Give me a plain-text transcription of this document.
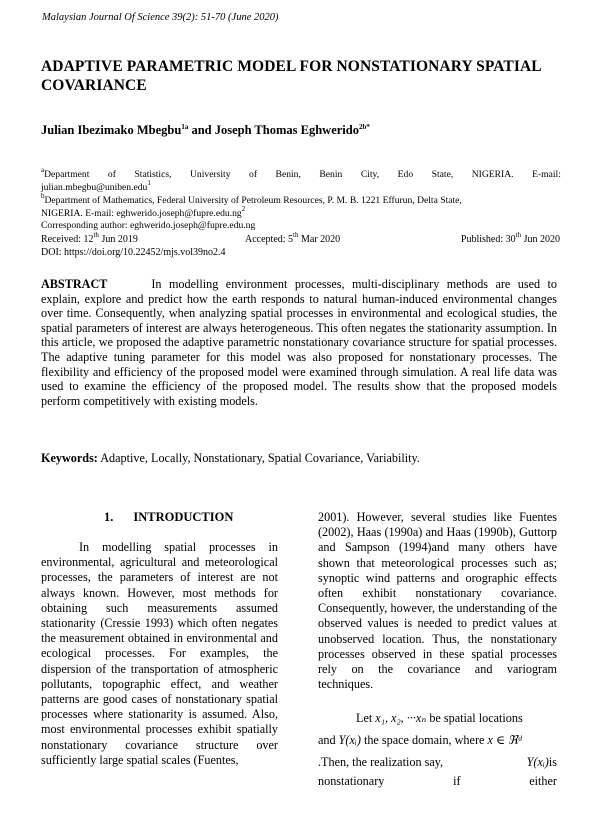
Malaysian Journal Of Science 39(2): 51-70 (June 2020)
ADAPTIVE PARAMETRIC MODEL FOR NONSTATIONARY SPATIAL COVARIANCE
Julian Ibezimako Mbegbu$^{1a}$ and Joseph Thomas Eghwerido$^{2b*}$
$^a$Department of Statistics, University of Benin, Benin City, Edo State, NIGERIA. E-mail:
julian.mbegbu@uniben.edu$^1$
$^b$Department of Mathematics, Federal University of Petroleum Resources, P. M. B. 1221 Effurun, Delta State,
NIGERIA. E-mail: $eghwerido.joseph@fupre.edu.ng^2$
Corresponding author: eghwerido.joseph@fupre.edu.ng
Received: 12th Jun 2019	Accepted: 5th Mar 2020	Published: 30th Jun 2020
DOI: https://doi.org/10.22452/mjs.vol39no2.4
ABSTRACT	In modelling environment processes, multi-disciplinary methods are used to explain, explore and predict how the earth responds to natural human-induced environmental changes over time. Consequently, when analyzing spatial processes in environmental and ecological studies, the spatial parameters of interest are always heterogeneous. This often negates the stationarity assumption. In this article, we proposed the adaptive parametric nonstationary covariance structure for spatial processes. The adaptive tuning parameter for this model was also proposed for nonstationary processes. The flexibility and efficiency of the proposed model were examined through simulation. A real life data was used to examine the efficiency of the proposed model. The results show that the proposed models perform competitively with existing models.
Keywords: Adaptive, Locally, Nonstationary, Spatial Covariance, Variability.
1. INTRODUCTION

In modelling spatial processes in environmental, agricultural and meteorological processes, the parameters of interest are not always known. However, most methods for obtaining such measurements assumed stationarity (Cressie 1993) which often negates the measurement obtained in environmental and ecological processes. For examples, the dispersion of the transportation of atmospheric pollutants, topographic effect, and weather patterns are good cases of nonstationary spatial processes where stationarity is assumed. Also, most environmental processes exhibit spatially nonstationary covariance structure over sufficiently large spatial scales (Fuentes,

2001). However, several studies like Fuentes (2002), Haas (1990a) and Haas (1990b), Guttorp and Sampson (1994)and many others have shown that meteorological processes such as; synoptic wind patterns and orographic effects often exhibit nonstationary covariance. Consequently, however, the understanding of the observed values is needed to predict values at unobserved location. Thus, the nonstationary processes observed in these spatial processes rely on the covariance and variogram techniques.

Let x₁, x₂, ···xₙ be spatial locations

and Y(xᵢ) the space domain, where x ∈ ℜᵈ

.Then, the realization say,	Y(xᵢ)is

nonstationary	if	either
